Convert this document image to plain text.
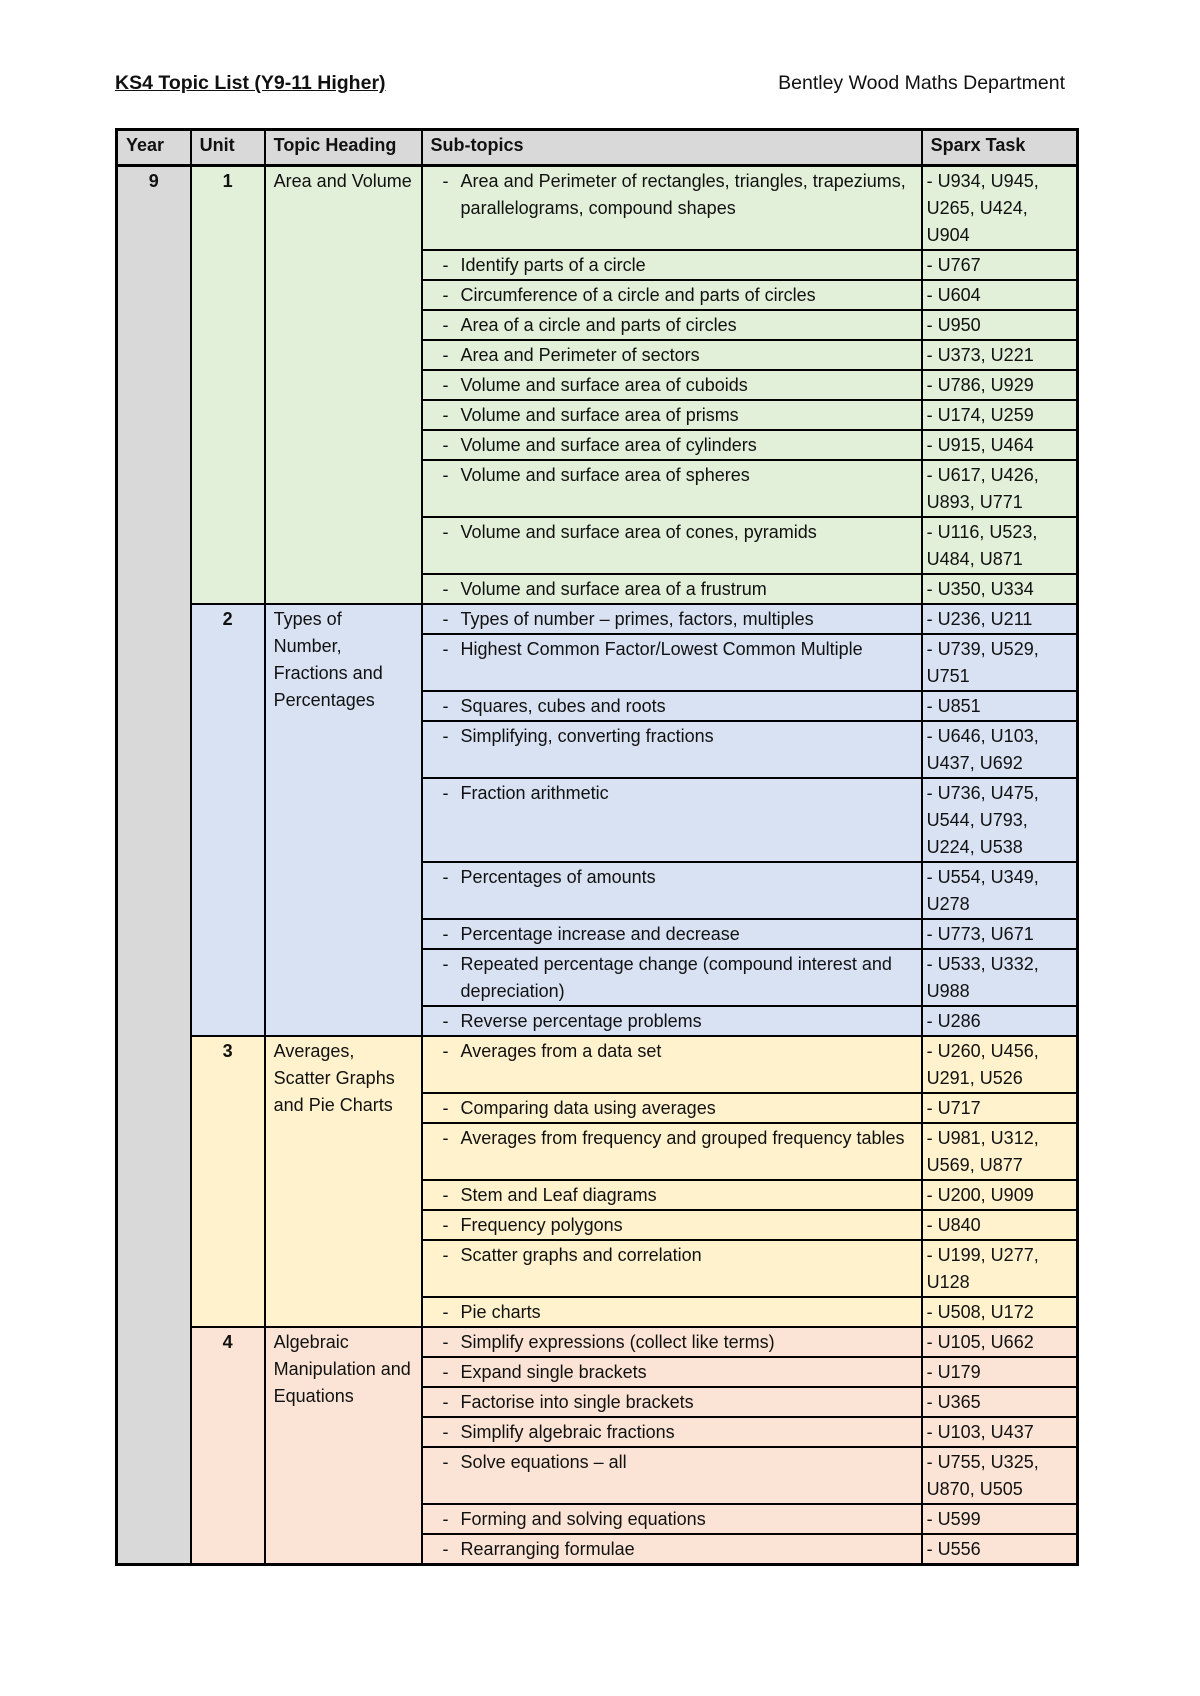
KS4 Topic List (Y9-11 Higher)	Bentley Wood Maths Department
Year	Unit	Topic Heading	Sub-topics	Sparx Task
9	1	Area and Volume	- Area and Perimeter of rectangles, triangles, trapeziums, parallelograms, compound shapes	- U934, U945, U265, U424, U904

			- Identify parts of a circle	- U767

			- Circumference of a circle and parts of circles	- U604

			- Area of a circle and parts of circles	- U950

			- Area and Perimeter of sectors	- U373, U221

			- Volume and surface area of cuboids	- U786, U929

			- Volume and surface area of prisms	- U174, U259

			- Volume and surface area of cylinders	- U915, U464

			- Volume and surface area of spheres	- U617, U426, U893, U771

			- Volume and surface area of cones, pyramids	- U116, U523, U484, U871

			- Volume and surface area of a frustrum	- U350, U334
	2	Types of Number, Fractions and Percentages	- Types of number – primes, factors, multiples	- U236, U211

			- Highest Common Factor/Lowest Common Multiple	- U739, U529, U751

			- Squares, cubes and roots	- U851

			- Simplifying, converting fractions	- U646, U103, U437, U692

			- Fraction arithmetic	- U736, U475, U544, U793, U224, U538

			- Percentages of amounts	- U554, U349, U278

			- Percentage increase and decrease	- U773, U671

			- Repeated percentage change (compound interest and depreciation)	- U533, U332, U988

			- Reverse percentage problems	- U286
	3	Averages, Scatter Graphs and Pie Charts	- Averages from a data set	- U260, U456, U291, U526

			- Comparing data using averages	- U717

			- Averages from frequency and grouped frequency tables	- U981, U312, U569, U877

			- Stem and Leaf diagrams	- U200, U909

			- Frequency polygons	- U840

			- Scatter graphs and correlation	- U199, U277, U128

			- Pie charts	- U508, U172
	4	Algebraic Manipulation and Equations	- Simplify expressions (collect like terms)	- U105, U662

			- Expand single brackets	- U179

			- Factorise into single brackets	- U365

			- Simplify algebraic fractions	- U103, U437

			- Solve equations – all	- U755, U325, U870, U505

			- Forming and solving equations	- U599

			- Rearranging formulae	- U556
